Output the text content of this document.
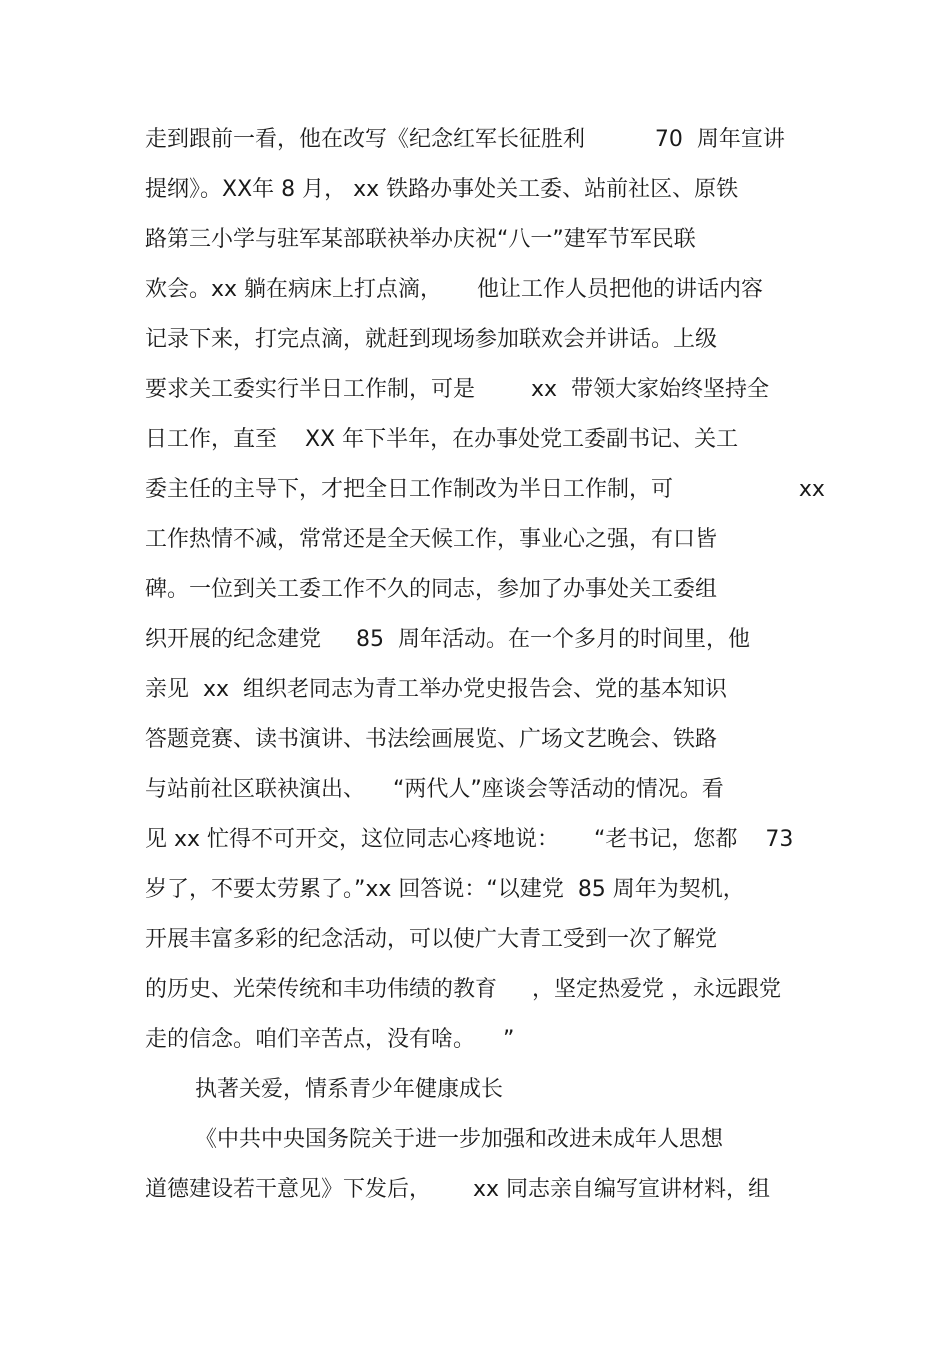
走到跟前一看，他在改写《纪念红军长征胜利          70  周年宣讲
提纲》。XX年 8 月， xx 铁路办事处关工委、站前社区、原铁
路第三小学与驻军某部联袂举办庆祝“八一”建军节军民联
欢会。xx 躺在病床上打点滴，     他让工作人员把他的讲话内容
记录下来，打完点滴，就赶到现场参加联欢会并讲话。上级
要求关工委实行半日工作制，可是        xx  带领大家始终坚持全
日工作，直至    XX 年下半年，在办事处党工委副书记、关工
委主任的主导下，才把全日工作制改为半日工作制，可                  xx
工作热情不减，常常还是全天候工作，事业心之强，有口皆
碑。一位到关工委工作不久的同志，参加了办事处关工委组
织开展的纪念建党     85  周年活动。在一个多月的时间里，他
亲见  xx  组织老同志为青工举办党史报告会、党的基本知识
答题竞赛、读书演讲、书法绘画展览、广场文艺晚会、铁路
与站前社区联袂演出、    “两代人”座谈会等活动的情况。看
见 xx 忙得不可开交，这位同志心疼地说：     “老书记，您都    73
岁了，不要太劳累了。”xx 回答说：“以建党  85 周年为契机，
开展丰富多彩的纪念活动，可以使广大青工受到一次了解党
的历史、光荣传统和丰功伟绩的教育     ，坚定热爱党 ，永远跟党
走的信念。咱们辛苦点，没有啥。    ”
执著关爱，情系青少年健康成长
《中共中央国务院关于进一步加强和改进未成年人思想
道德建设若干意见》下发后，      xx 同志亲自编写宣讲材料，组
